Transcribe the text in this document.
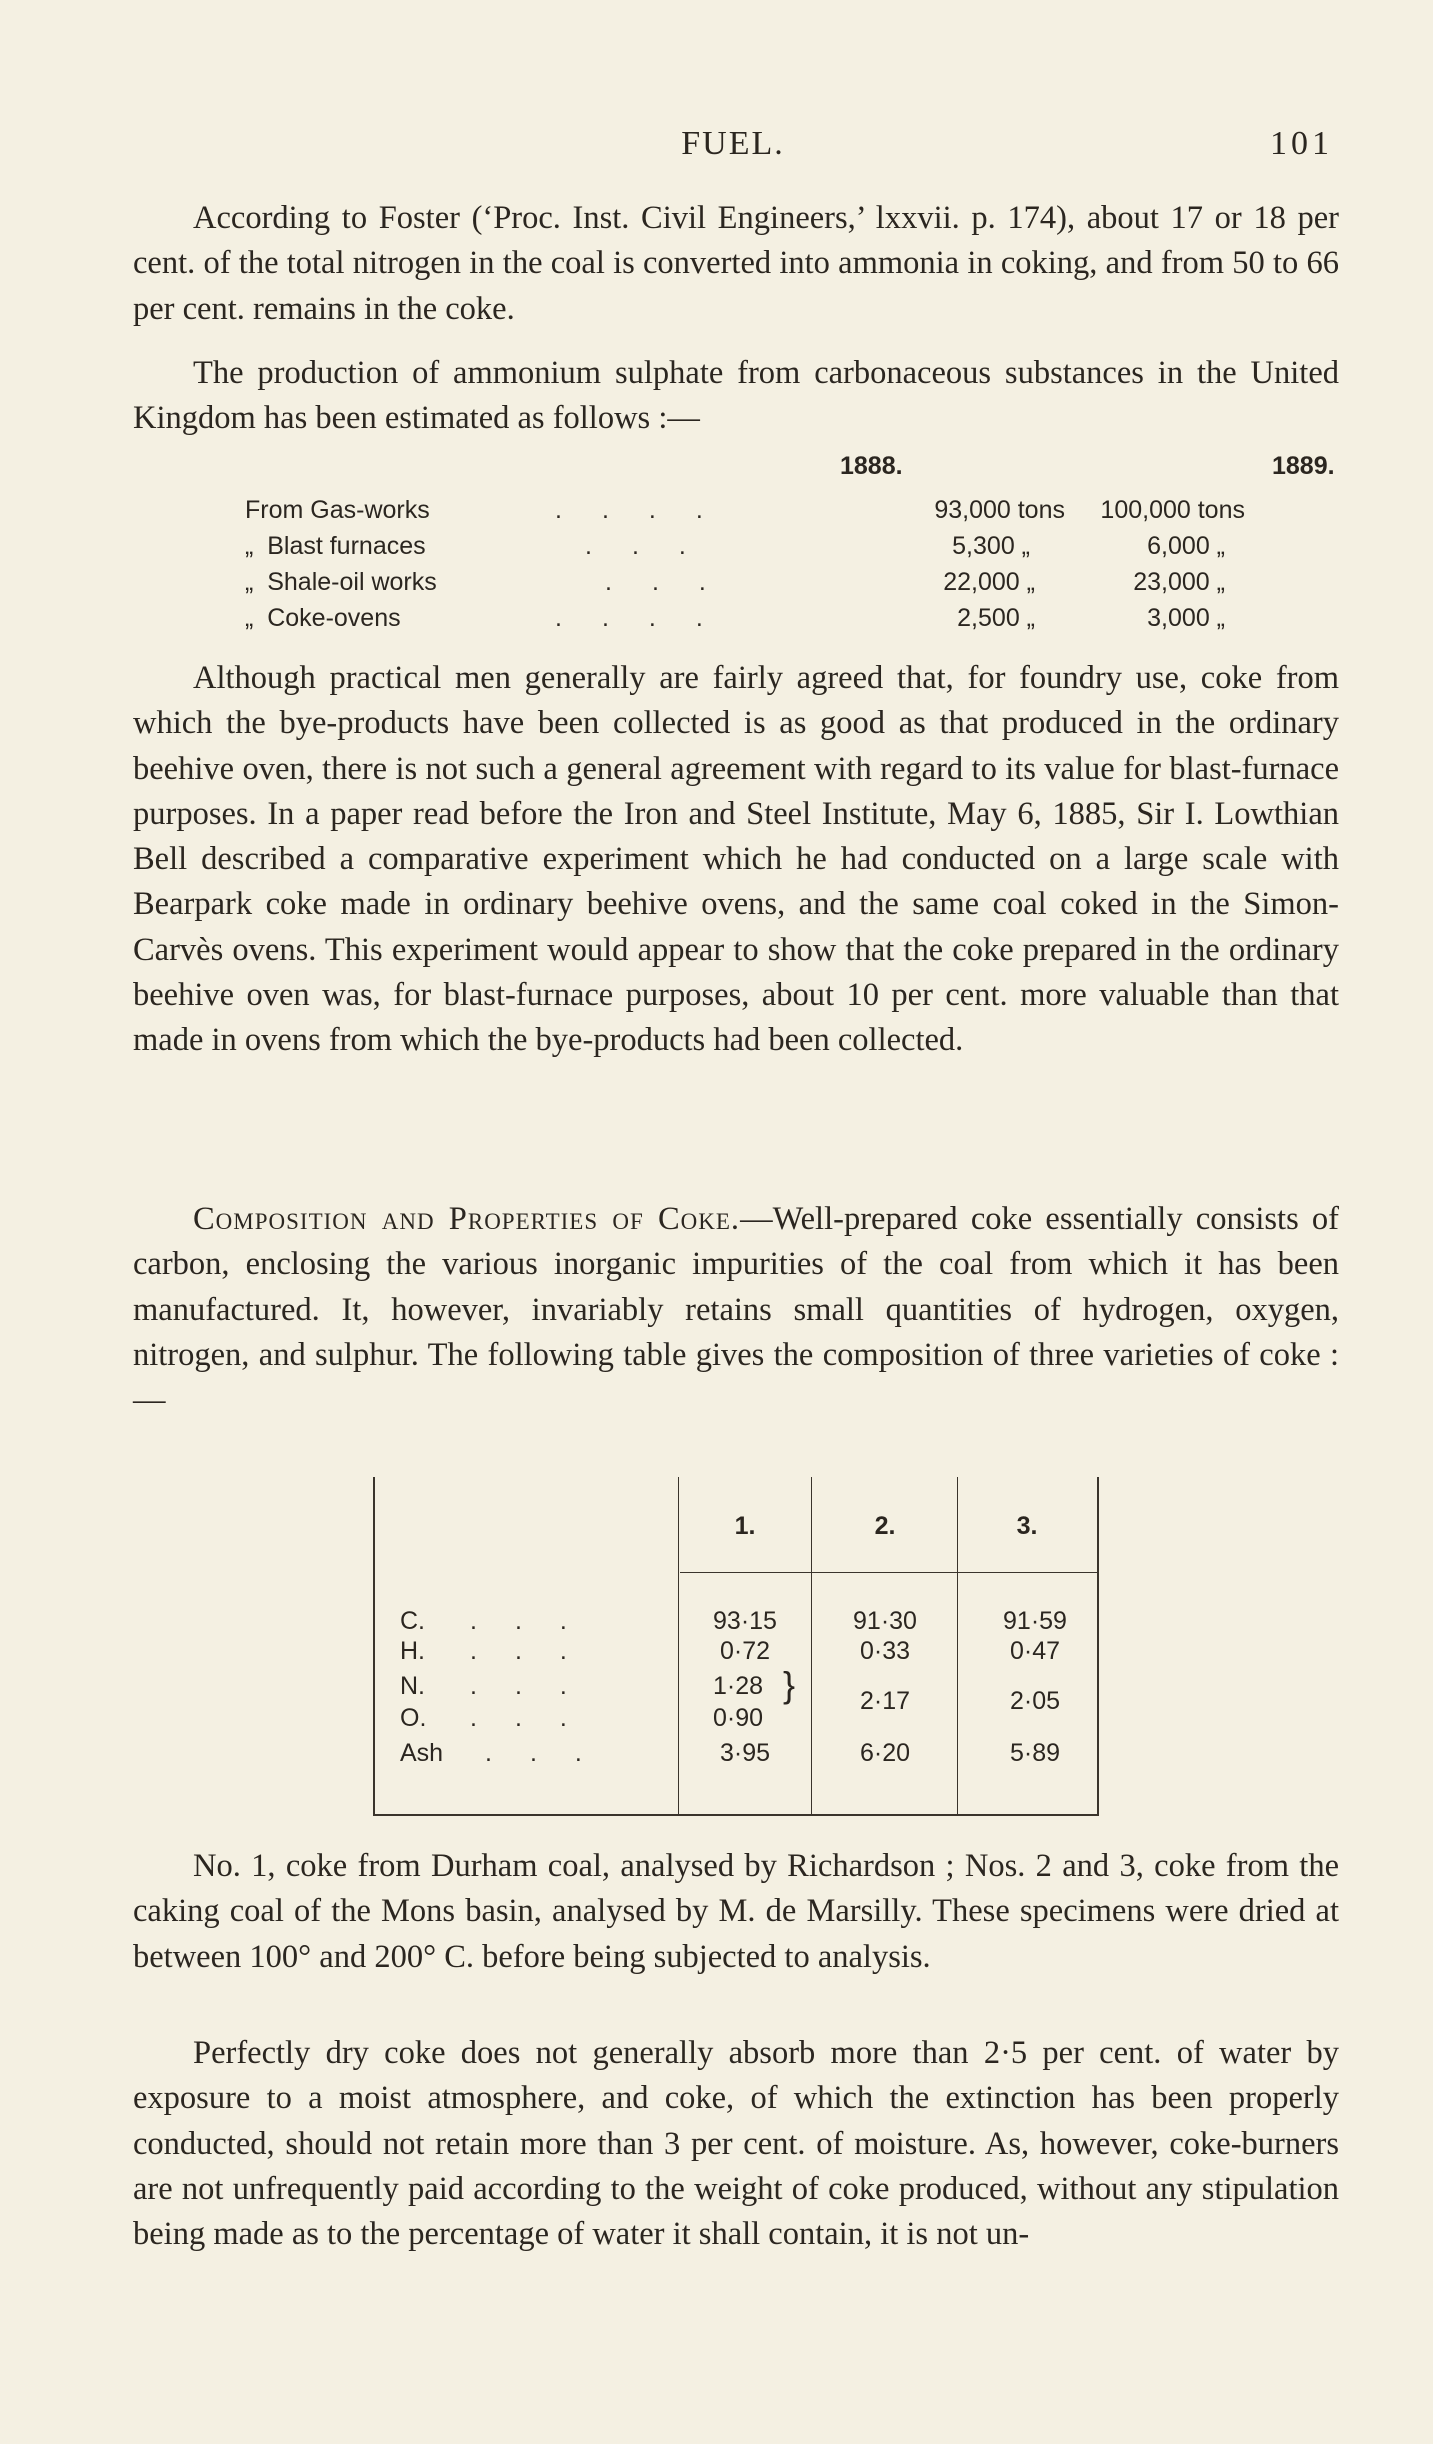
FUEL.	101

According to Foster (‘Proc. Inst. Civil Engineers,’ lxxvii. p. 174), about 17 or 18 per cent. of the total nitrogen in the coal is converted into ammonia in coking, and from 50 to 66 per cent. remains in the coke.

The production of ammonium sulphate from carbonaceous substances in the United Kingdom has been estimated as follows :—

1888.	1889.
From Gas-works	....	93,000 tons	100,000 tons
„  Blast furnaces	...	5,300 „	6,000 „
„  Shale-oil works	...	22,000 „	23,000 „
„  Coke-ovens	....	2,500 „	3,000 „

Although practical men generally are fairly agreed that, for foundry use, coke from which the bye-products have been collected is as good as that produced in the ordinary beehive oven, there is not such a general agreement with regard to its value for blast-furnace purposes. In a paper read before the Iron and Steel Institute, May 6, 1885, Sir I. Lowthian Bell described a comparative experiment which he had conducted on a large scale with Bearpark coke made in ordinary beehive ovens, and the same coal coked in the Simon-Carvès ovens. This experiment would appear to show that the coke prepared in the ordinary beehive oven was, for blast-furnace purposes, about 10 per cent. more valuable than that made in ovens from which the bye-products had been collected.

Composition and Properties of Coke.—Well-prepared coke essentially consists of carbon, enclosing the various inorganic impurities of the coal from which it has been manufactured. It, however, invariably retains small quantities of hydrogen, oxygen, nitrogen, and sulphur. The following table gives the composition of three varieties of coke :—

1.	2.	3.
C. ...	93·15	91·30	91·59
H. ...	0·72	0·33	0·47
N. ...	1·28 }	2·17	2·05
O. ...	0·90
Ash ...	3·95	6·20	5·89

No. 1, coke from Durham coal, analysed by Richardson ; Nos. 2 and 3, coke from the caking coal of the Mons basin, analysed by M. de Marsilly. These specimens were dried at between 100° and 200° C. before being subjected to analysis.

Perfectly dry coke does not generally absorb more than 2·5 per cent. of water by exposure to a moist atmosphere, and coke, of which the extinction has been properly conducted, should not retain more than 3 per cent. of moisture. As, however, coke-burners are not unfrequently paid according to the weight of coke produced, without any stipulation being made as to the percentage of water it shall contain, it is not un-
